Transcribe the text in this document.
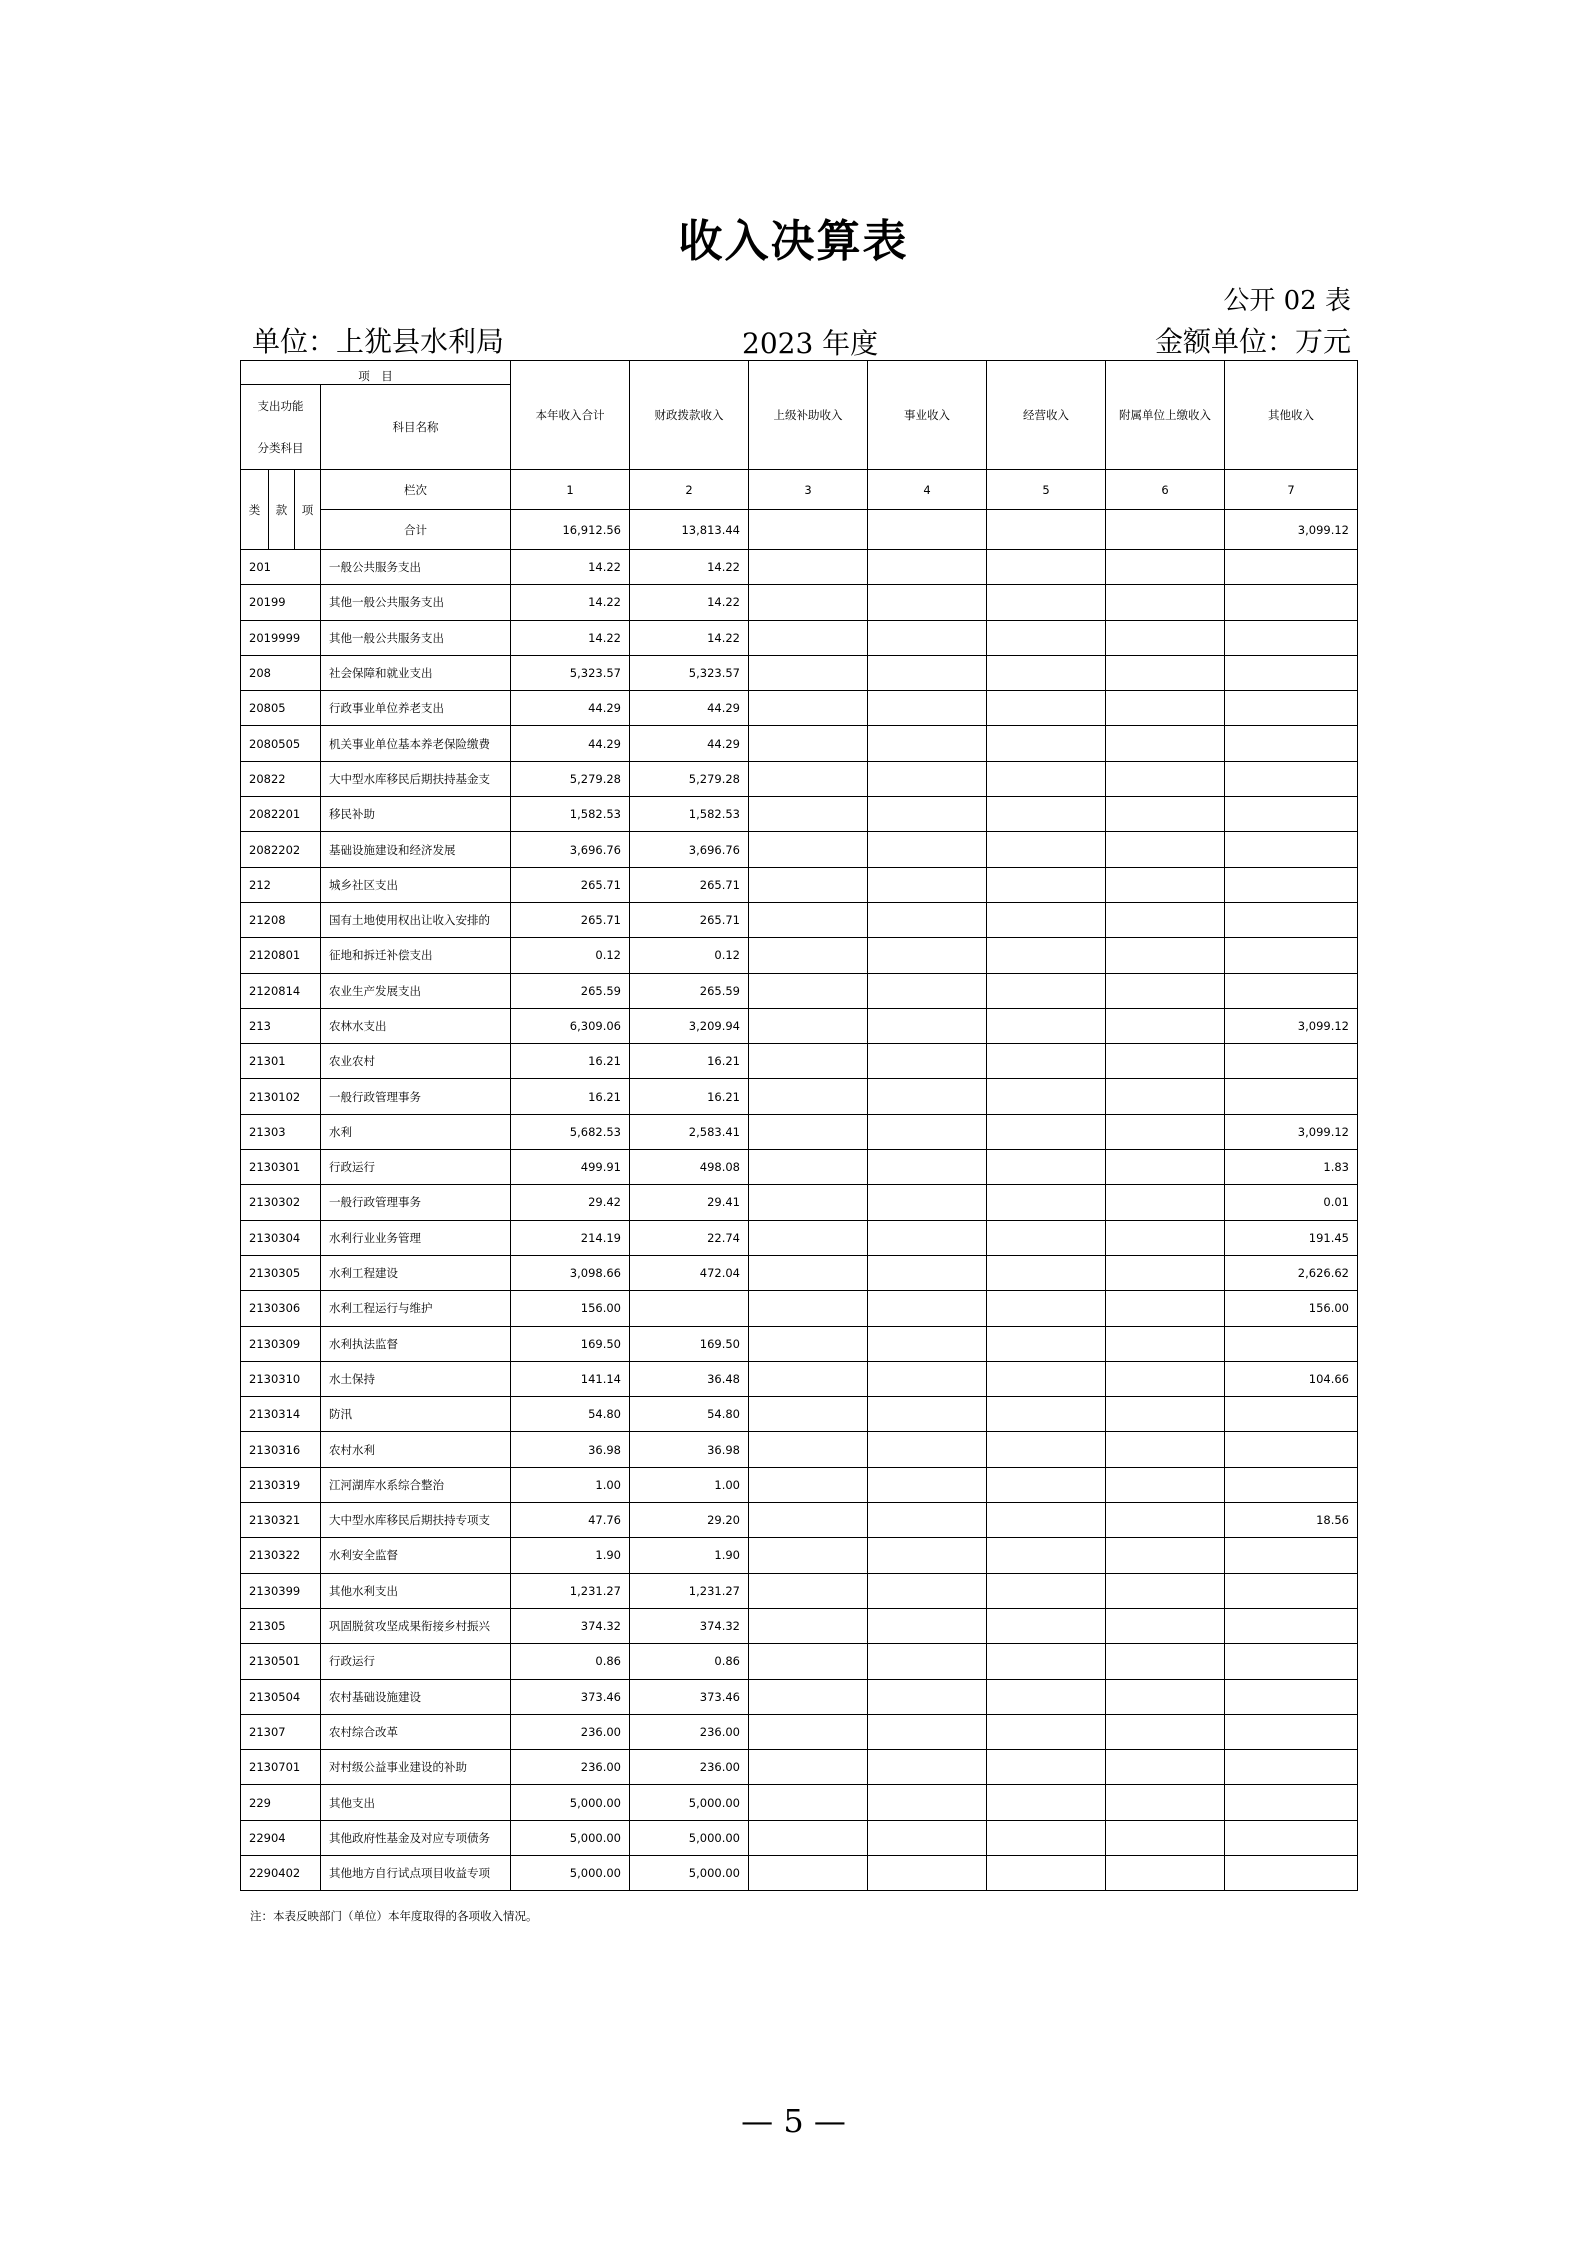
收入决算表
公开 02 表
单位：上犹县水利局	2023 年度	金额单位：万元
项　目				本年收入合计	财政拨款收入	上级补助收入	事业收入	经营收入	附属单位上缴收入	其他收入

支出功能
分类科目			科目名称							
类	款	项	栏次	1	2	3	4	5	6	7
			合计	16,912.56	13,813.44					3,099.12
201			一般公共服务支出	14.22	14.22					
20199			其他一般公共服务支出	14.22	14.22					
2019999			其他一般公共服务支出	14.22	14.22					
208			社会保障和就业支出	5,323.57	5,323.57					
20805			行政事业单位养老支出	44.29	44.29					
2080505			机关事业单位基本养老保险缴费	44.29	44.29					
20822			大中型水库移民后期扶持基金支	5,279.28	5,279.28					
2082201			移民补助	1,582.53	1,582.53					
2082202			基础设施建设和经济发展	3,696.76	3,696.76					
212			城乡社区支出	265.71	265.71					
21208			国有土地使用权出让收入安排的	265.71	265.71					
2120801			征地和拆迁补偿支出	0.12	0.12					
2120814			农业生产发展支出	265.59	265.59					
213			农林水支出	6,309.06	3,209.94					3,099.12
21301			农业农村	16.21	16.21					
2130102			一般行政管理事务	16.21	16.21					
21303			水利	5,682.53	2,583.41					3,099.12
2130301			行政运行	499.91	498.08					1.83
2130302			一般行政管理事务	29.42	29.41					0.01
2130304			水利行业业务管理	214.19	22.74					191.45
2130305			水利工程建设	3,098.66	472.04					2,626.62
2130306			水利工程运行与维护	156.00						156.00
2130309			水利执法监督	169.50	169.50					
2130310			水土保持	141.14	36.48					104.66
2130314			防汛	54.80	54.80					
2130316			农村水利	36.98	36.98					
2130319			江河湖库水系综合整治	1.00	1.00					
2130321			大中型水库移民后期扶持专项支	47.76	29.20					18.56
2130322			水利安全监督	1.90	1.90					
2130399			其他水利支出	1,231.27	1,231.27					
21305			巩固脱贫攻坚成果衔接乡村振兴	374.32	374.32					
2130501			行政运行	0.86	0.86					
2130504			农村基础设施建设	373.46	373.46					
21307			农村综合改革	236.00	236.00					
2130701			对村级公益事业建设的补助	236.00	236.00					
229			其他支出	5,000.00	5,000.00					
22904			其他政府性基金及对应专项债务	5,000.00	5,000.00					
2290402			其他地方自行试点项目收益专项	5,000.00	5,000.00					
注：本表反映部门（单位）本年度取得的各项收入情况。
— 5 —
